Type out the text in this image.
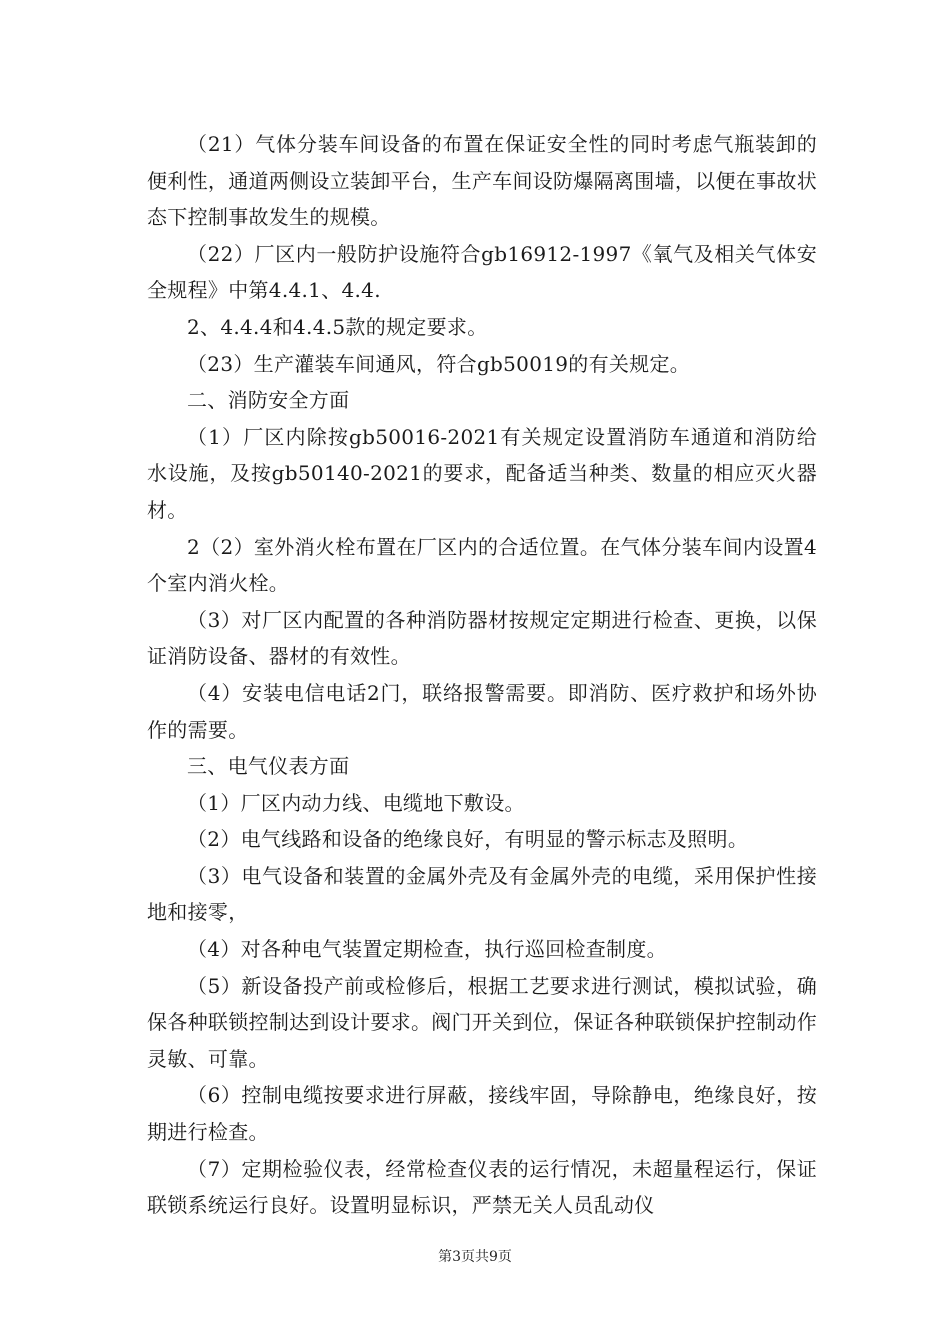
（21）气体分装车间设备的布置在保证安全性的同时考虑气瓶装卸的便利性，通道两侧设立装卸平台，生产车间设防爆隔离围墙，以便在事故状态下控制事故发生的规模。

（22）厂区内一般防护设施符合gb16912-1997《氧气及相关气体安全规程》中第4.4.1、4.4.

2、4.4.4和4.4.5款的规定要求。

（23）生产灌装车间通风，符合gb50019的有关规定。

二、消防安全方面

（1）厂区内除按gb50016-2021有关规定设置消防车通道和消防给水设施，及按gb50140-2021的要求，配备适当种类、数量的相应灭火器材。

2（2）室外消火栓布置在厂区内的合适位置。在气体分装车间内设置4个室内消火栓。

（3）对厂区内配置的各种消防器材按规定定期进行检查、更换，以保证消防设备、器材的有效性。

（4）安装电信电话2门，联络报警需要。即消防、医疗救护和场外协作的需要。

三、电气仪表方面

（1）厂区内动力线、电缆地下敷设。

（2）电气线路和设备的绝缘良好，有明显的警示标志及照明。

（3）电气设备和装置的金属外壳及有金属外壳的电缆，采用保护性接地和接零，

（4）对各种电气装置定期检查，执行巡回检查制度。

（5）新设备投产前或检修后，根据工艺要求进行测试，模拟试验，确保各种联锁控制达到设计要求。阀门开关到位，保证各种联锁保护控制动作灵敏、可靠。

（6）控制电缆按要求进行屏蔽，接线牢固，导除静电，绝缘良好，按期进行检查。

（7）定期检验仪表，经常检查仪表的运行情况，未超量程运行，保证联锁系统运行良好。设置明显标识，严禁无关人员乱动仪

第3页共9页
